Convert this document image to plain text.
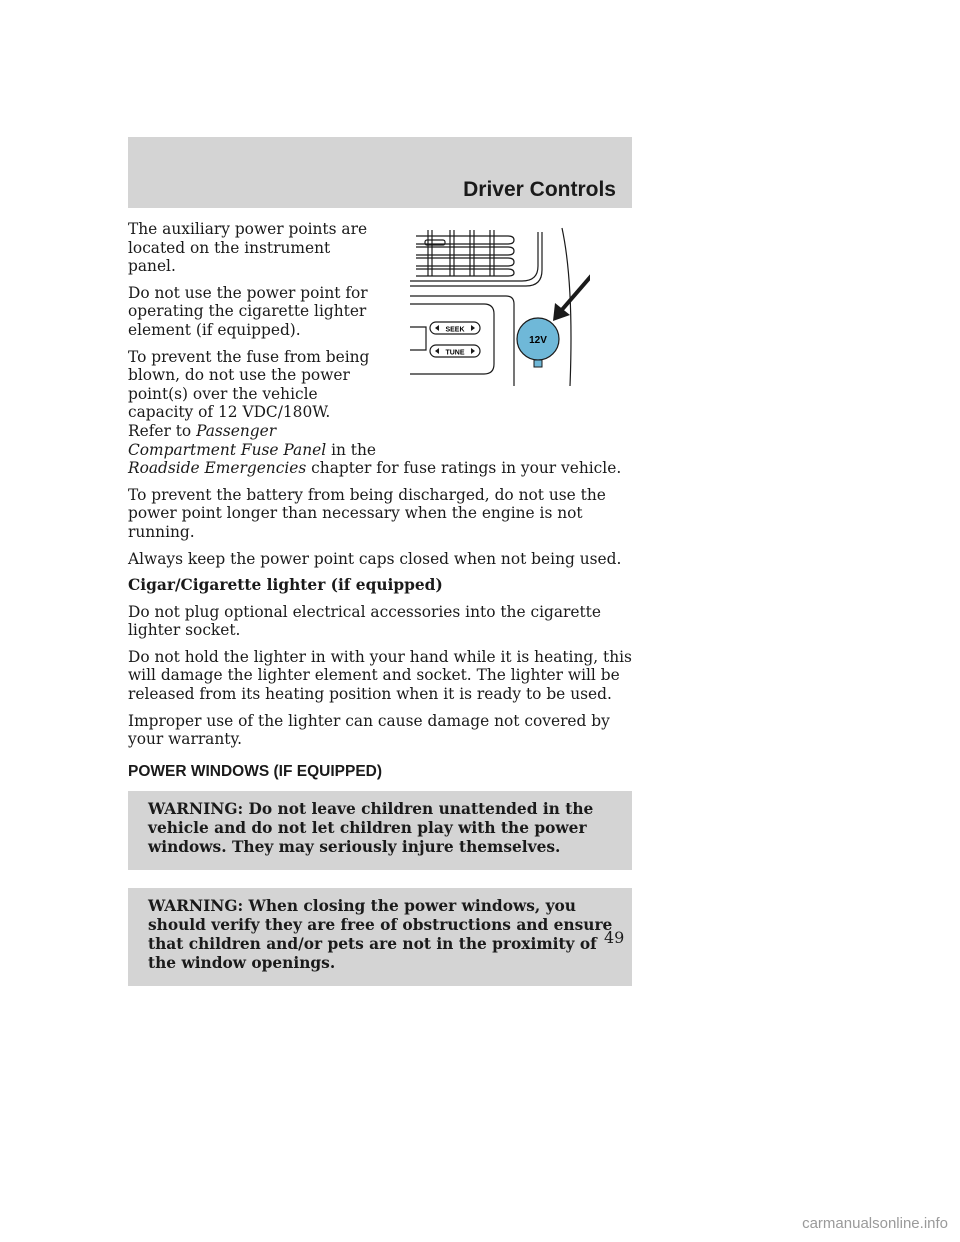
Driver Controls
SEEK
TUNE
12V

The auxiliary power points are located on the instrument panel.

Do not use the power point for operating the cigarette lighter element (if equipped).

To prevent the fuse from being blown, do not use the power point(s) over the vehicle capacity of 12 VDC/180W. Refer to Passenger Compartment Fuse Panel in the
Roadside Emergencies chapter for fuse ratings in your vehicle.

To prevent the battery from being discharged, do not use the power point longer than necessary when the engine is not running.

Always keep the power point caps closed when not being used.

Cigar/Cigarette lighter (if equipped)

Do not plug optional electrical accessories into the cigarette lighter socket.

Do not hold the lighter in with your hand while it is heating, this will damage the lighter element and socket. The lighter will be released from its heating position when it is ready to be used.

Improper use of the lighter can cause damage not covered by your warranty.

POWER WINDOWS (IF EQUIPPED)
WARNING: Do not leave children unattended in the vehicle and do not let children play with the power windows. They may seriously injure themselves.
WARNING: When closing the power windows, you should verify they are free of obstructions and ensure that children and/or pets are not in the proximity of the window openings.
49
carmanualsonline.info
